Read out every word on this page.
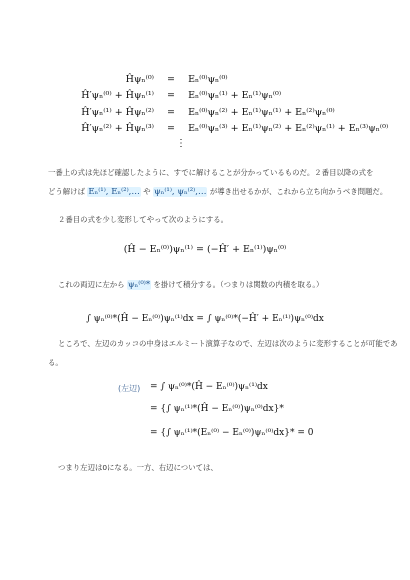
Ĥψₙ⁽⁰⁾ = Eₙ⁽⁰⁾ψₙ⁽⁰⁾
Ĥ′ψₙ⁽⁰⁾ + Ĥψₙ⁽¹⁾ = Eₙ⁽⁰⁾ψₙ⁽¹⁾ + Eₙ⁽¹⁾ψₙ⁽⁰⁾
Ĥ′ψₙ⁽¹⁾ + Ĥψₙ⁽²⁾ = Eₙ⁽⁰⁾ψₙ⁽²⁾ + Eₙ⁽¹⁾ψₙ⁽¹⁾ + Eₙ⁽²⁾ψₙ⁽⁰⁾
Ĥ′ψₙ⁽²⁾ + Ĥψₙ⁽³⁾ = Eₙ⁽⁰⁾ψₙ⁽³⁾ + Eₙ⁽¹⁾ψₙ⁽²⁾ + Eₙ⁽²⁾ψₙ⁽¹⁾ + Eₙ⁽³⁾ψₙ⁽⁰⁾
⋮
一番上の式は先ほど確認したように、すでに解けることが分かっているものだ。２番目以降の式を
どう解けば Eₙ⁽¹⁾, Eₙ⁽²⁾,… や ψₙ⁽¹⁾, ψₙ⁽²⁾,… が導き出せるかが、これから立ち向かうべき問題だ。
２番目の式を少し変形してやって次のようにする。
(Ĥ − Eₙ⁽⁰⁾)ψₙ⁽¹⁾ = (−Ĥ′ + Eₙ⁽¹⁾)ψₙ⁽⁰⁾
これの両辺に左から ψₙ⁽⁰⁾* を掛けて積分する。（つまりは関数の内積を取る。）
∫ ψₙ⁽⁰⁾*(Ĥ − Eₙ⁽⁰⁾)ψₙ⁽¹⁾dx = ∫ ψₙ⁽⁰⁾*(−Ĥ′ + Eₙ⁽¹⁾)ψₙ⁽⁰⁾dx
ところで、左辺のカッコの中身はエルミート演算子なので、左辺は次のように変形することが可能であ
る。
(左辺) = ∫ ψₙ⁽⁰⁾*(Ĥ − Eₙ⁽⁰⁾)ψₙ⁽¹⁾dx
= {∫ ψₙ⁽¹⁾*(Ĥ − Eₙ⁽⁰⁾)ψₙ⁽⁰⁾dx}*
= {∫ ψₙ⁽¹⁾*(Eₙ⁽⁰⁾ − Eₙ⁽⁰⁾)ψₙ⁽⁰⁾dx}* = 0
つまり左辺は0になる。一方、右辺については、
